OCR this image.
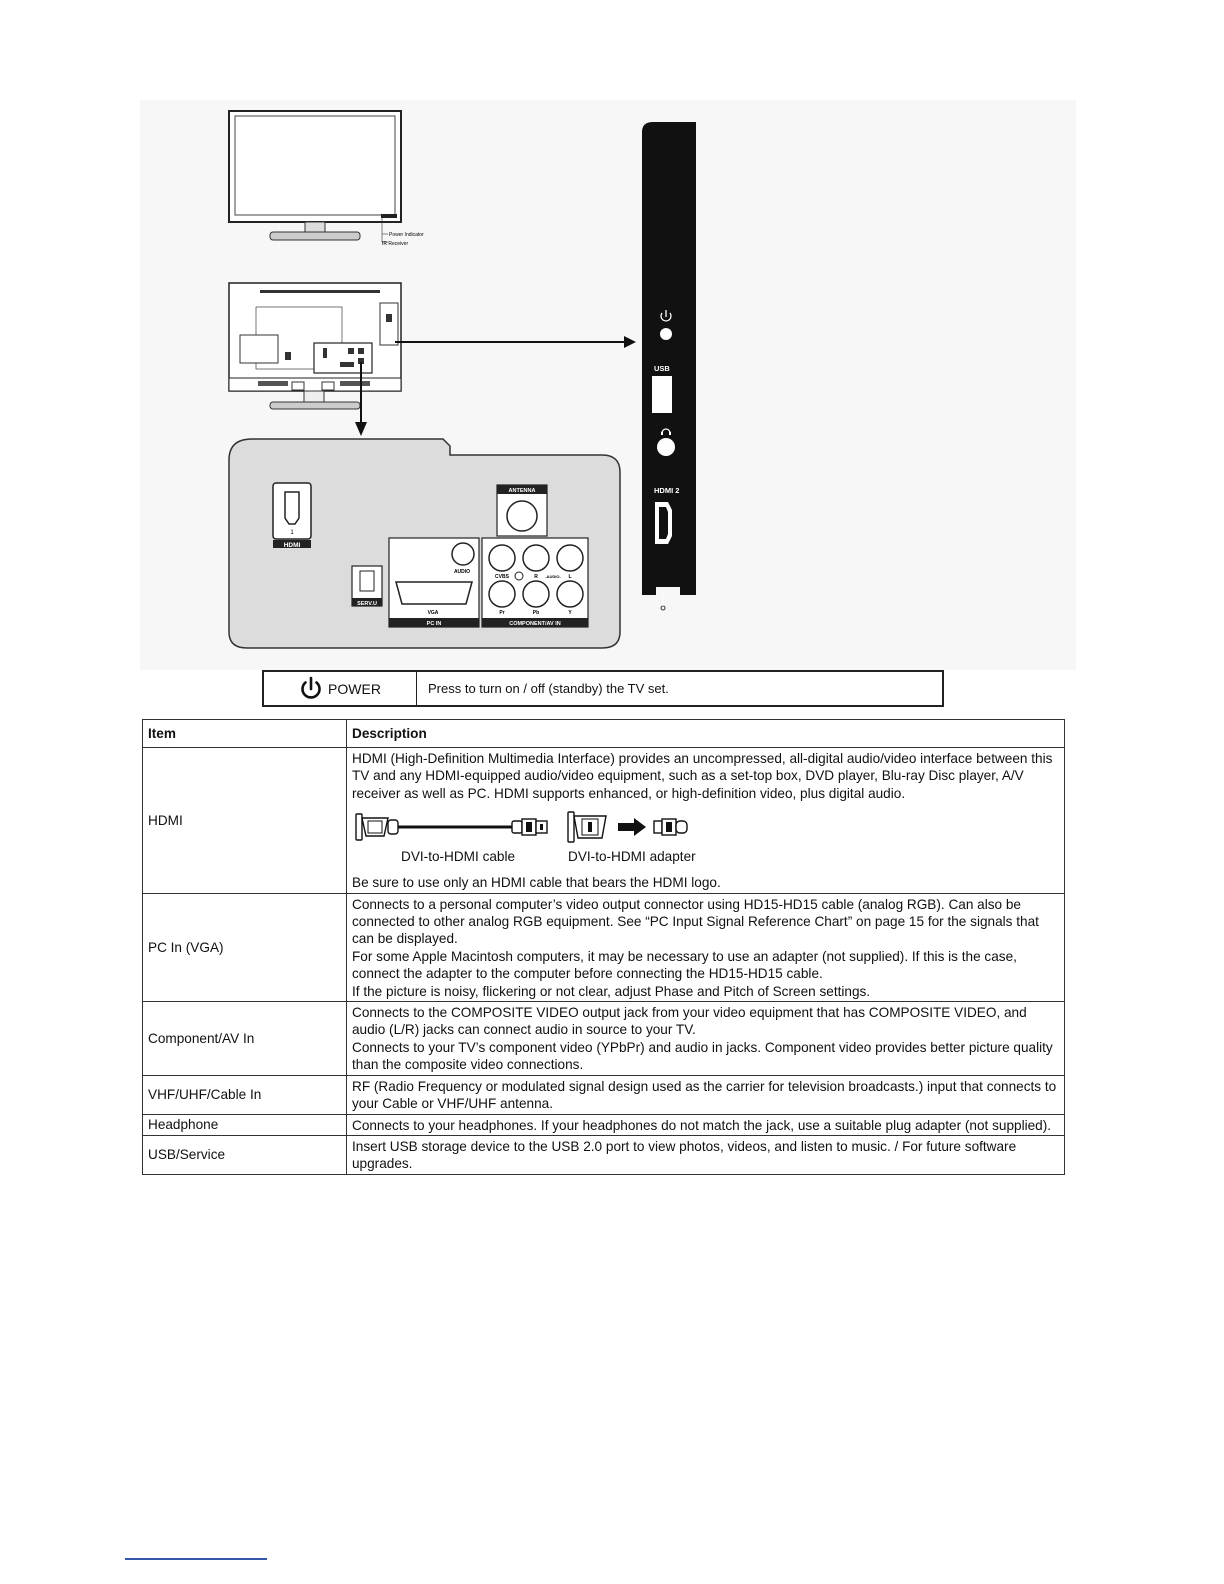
Power Indicator
IR Receiver
1
HDMI
ANTENNA
SERV.U
AUDIO
VGA
PC IN
CVBS	R -AUDIO- L
Pr	Pb	Y
COMPONENT/AV IN
USB
HDMI 2
POWER	Press to turn on / off (standby) the TV set.
Item	Description
HDMI	HDMI (High-Definition Multimedia Interface) provides an uncompressed, all-digital audio/video interface between this TV and any HDMI-equipped audio/video equipment, such as a set-top box, DVD player, Blu-ray Disc player, A/V receiver as well as PC. HDMI supports enhanced, or high-definition video, plus digital audio.
DVI-to-HDMI cable DVI-to-HDMI adapter
Be sure to use only an HDMI cable that bears the HDMI logo.

PC In (VGA)	Connects to a personal computer’s video output connector using HD15-HD15 cable (analog RGB). Can also be connected to other analog RGB equipment. See “PC Input Signal Reference Chart” on page 15 for the signals that can be displayed.
For some Apple Macintosh computers, it may be necessary to use an adapter (not supplied). If this is the case, connect the adapter to the computer before connecting the HD15-HD15 cable.
If the picture is noisy, flickering or not clear, adjust Phase and Pitch of Screen settings.

Component/AV In	Connects to the COMPOSITE VIDEO output jack from your video equipment that has COMPOSITE VIDEO, and audio (L/R) jacks can connect audio in source to your TV.
Connects to your TV’s component video (YPbPr) and audio in jacks. Component video provides better picture quality than the composite video connections.

VHF/UHF/Cable In	RF (Radio Frequency or modulated signal design used as the carrier for television broadcasts.) input that connects to your Cable or VHF/UHF antenna.
Headphone	Connects to your headphones. If your headphones do not match the jack, use a suitable plug adapter (not supplied).
USB/Service	Insert USB storage device to the USB 2.0 port to view photos, videos, and listen to music. / For future software upgrades.
